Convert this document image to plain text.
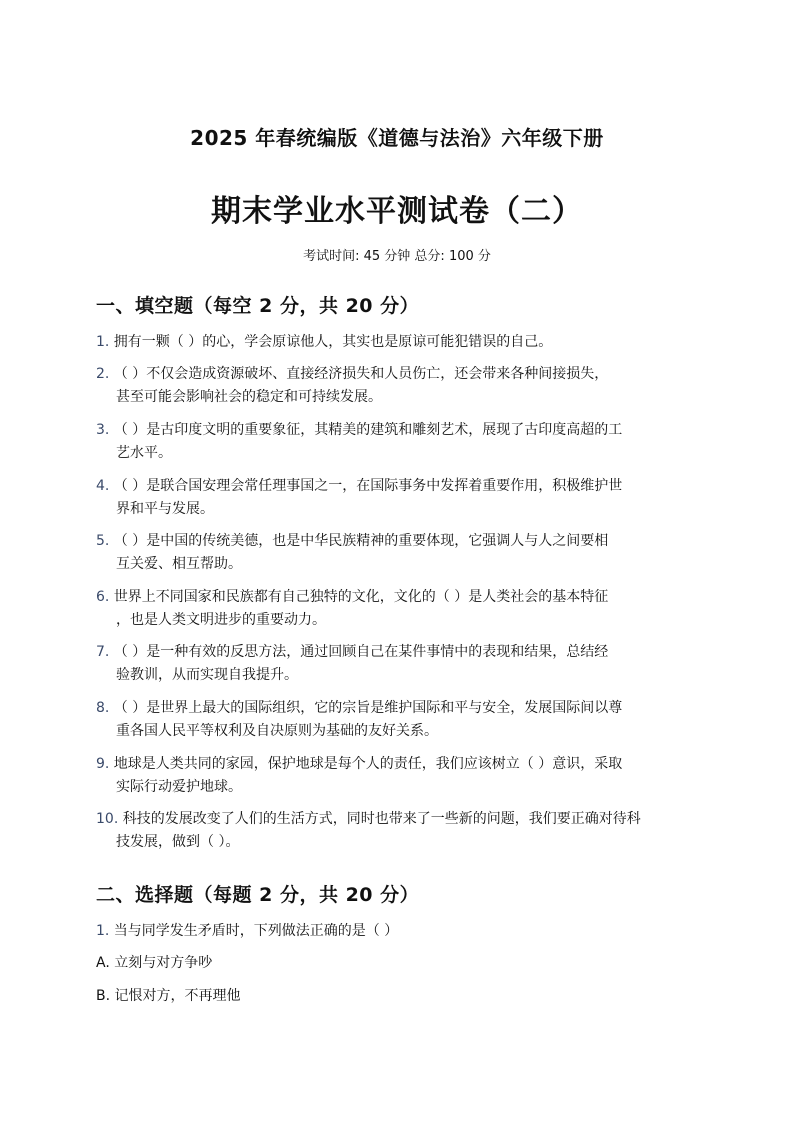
2025 年春统编版《道德与法治》六年级下册
期末学业水平测试卷（二）
考试时间: 45 分钟 总分: 100 分
一、填空题（每空 2 分，共 20 分）
1. 拥有一颗（ ）的心，学会原谅他人，其实也是原谅可能犯错误的自己。
2. （ ）不仅会造成资源破坏、直接经济损失和人员伤亡，还会带来各种间接损失，
甚至可能会影响社会的稳定和可持续发展。
3. （ ）是古印度文明的重要象征，其精美的建筑和雕刻艺术，展现了古印度高超的工
艺水平。
4. （ ）是联合国安理会常任理事国之一，在国际事务中发挥着重要作用，积极维护世
界和平与发展。
5. （ ）是中国的传统美德，也是中华民族精神的重要体现，它强调人与人之间要相
互关爱、相互帮助。
6. 世界上不同国家和民族都有自己独特的文化，文化的（ ）是人类社会的基本特征
，也是人类文明进步的重要动力。
7. （ ）是一种有效的反思方法，通过回顾自己在某件事情中的表现和结果，总结经
验教训，从而实现自我提升。
8. （ ）是世界上最大的国际组织，它的宗旨是维护国际和平与安全，发展国际间以尊
重各国人民平等权利及自决原则为基础的友好关系。
9. 地球是人类共同的家园，保护地球是每个人的责任，我们应该树立（ ）意识，采取
实际行动爱护地球。
10. 科技的发展改变了人们的生活方式，同时也带来了一些新的问题，我们要正确对待科
技发展，做到（ ）。
二、选择题（每题 2 分，共 20 分）
1. 当与同学发生矛盾时，下列做法正确的是（ ）
A. 立刻与对方争吵
B. 记恨对方，不再理他
